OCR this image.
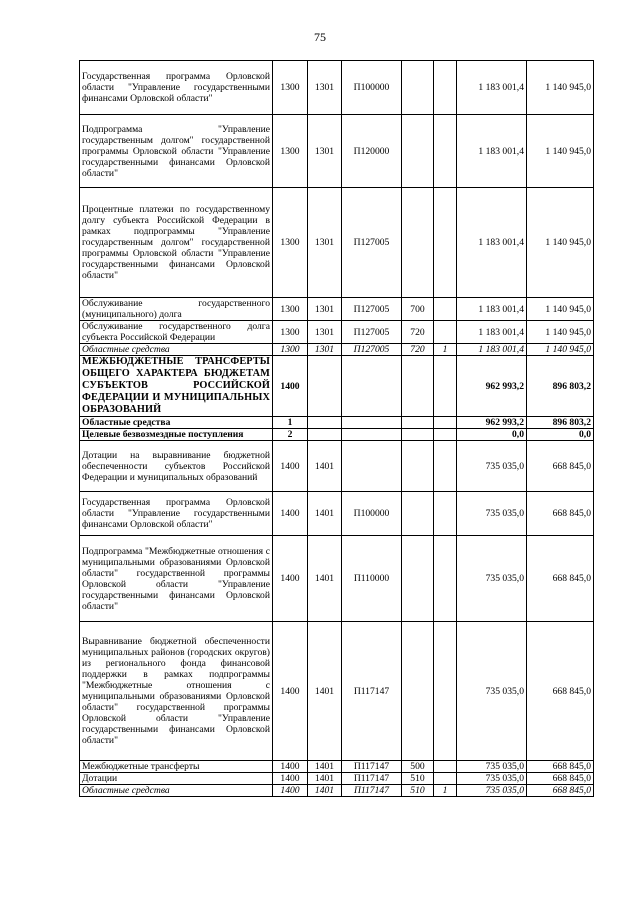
75
Государственная программа Орловской области "Управление государственными финансами Орловской области"	1300	1301	П100000			1 183 001,4	1 140 945,0
Подпрограмма "Управление государственным долгом" государственной программы Орловской области "Управление государственными финансами Орловской области"	1300	1301	П120000			1 183 001,4	1 140 945,0
Процентные платежи по государственному долгу субъекта Российской Федерации в рамках подпрограммы "Управление государственным долгом" государственной программы Орловской области "Управление государственными финансами Орловской области"	1300	1301	П127005			1 183 001,4	1 140 945,0
Обслуживание государственного (муниципального) долга	1300	1301	П127005	700		1 183 001,4	1 140 945,0
Обслуживание государственного долга субъекта Российской Федерации	1300	1301	П127005	720		1 183 001,4	1 140 945,0
Областные средства	1300	1301	П127005	720	1	1 183 001,4	1 140 945,0
МЕЖБЮДЖЕТНЫЕ ТРАНСФЕРТЫ ОБЩЕГО ХАРАКТЕРА БЮДЖЕТАМ СУБЪЕКТОВ РОССИЙСКОЙ ФЕДЕРАЦИИ И МУНИЦИПАЛЬНЫХ ОБРАЗОВАНИЙ	1400					962 993,2	896 803,2
Областные средства	1					962 993,2	896 803,2
Целевые безвозмездные поступления	2					0,0	0,0
Дотации на выравнивание бюджетной обеспеченности субъектов Российской Федерации и муниципальных образований	1400	1401				735 035,0	668 845,0
Государственная программа Орловской области "Управление государственными финансами Орловской области"	1400	1401	П100000			735 035,0	668 845,0
Подпрограмма "Межбюджетные отношения с муниципальными образованиями Орловской области" государственной программы Орловской области "Управление государственными финансами Орловской области"	1400	1401	П110000			735 035,0	668 845,0
Выравнивание бюджетной обеспеченности муниципальных районов (городских округов) из регионального фонда финансовой поддержки в рамках подпрограммы "Межбюджетные отношения с муниципальными образованиями Орловской области" государственной программы Орловской области "Управление государственными финансами Орловской области"	1400	1401	П117147			735 035,0	668 845,0
Межбюджетные трансферты	1400	1401	П117147	500		735 035,0	668 845,0
Дотации	1400	1401	П117147	510		735 035,0	668 845,0
Областные средства	1400	1401	П117147	510	1	735 035,0	668 845,0
